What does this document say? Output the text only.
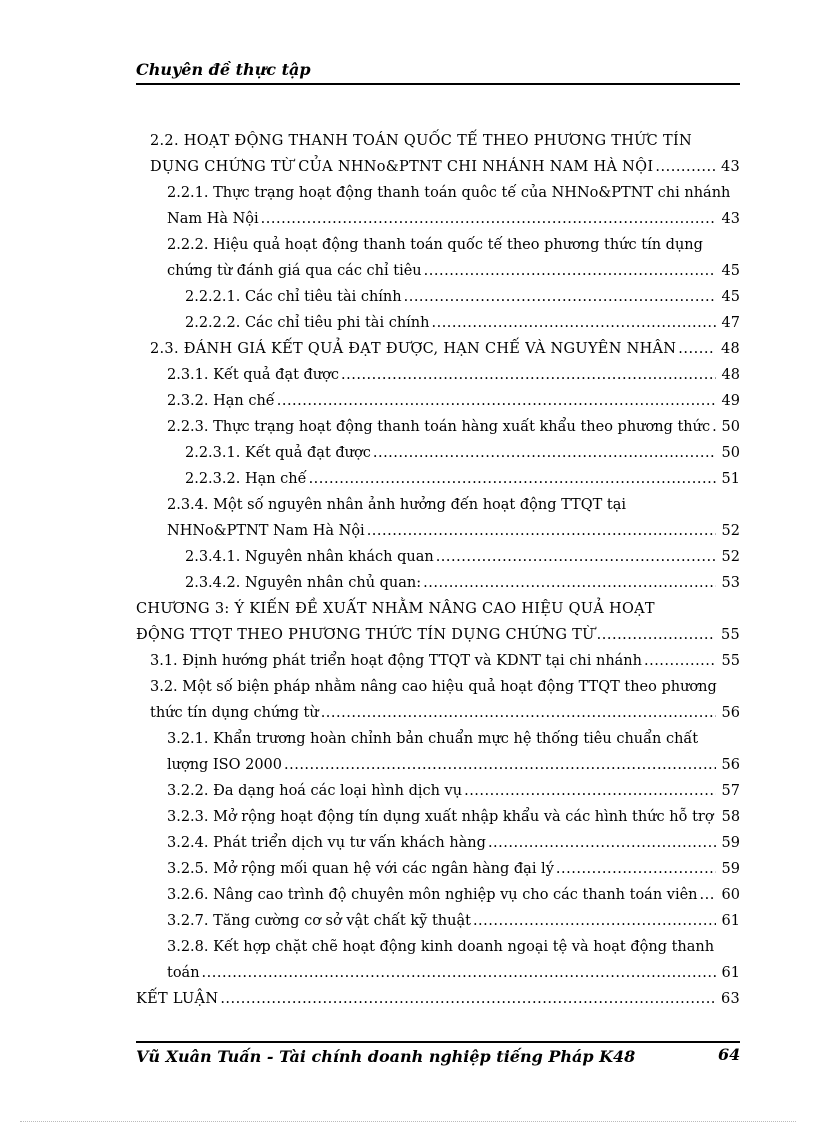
Chuyên đề thực tập
2.2. HOẠT ĐỘNG THANH TOÁN QUỐC TẾ THEO PHƯƠNG THỨC TÍN
DỤNG CHỨNG TỪ CỦA NHNo&PTNT CHI NHÁNH NAM HÀ NỘI .....	43
2.2.1. Thực trạng hoạt động thanh toán quôc tế của NHNo&PTNT chi nhánh
Nam Hà Nội .....	43
2.2.2. Hiệu quả hoạt động thanh toán quốc tế theo phương thức tín dụng
chứng từ đánh giá qua các chỉ tiêu .....	45
2.2.2.1. Các chỉ tiêu tài chính .....	45
2.2.2.2. Các chỉ tiêu phi tài chính .....	47
2.3. ĐÁNH GIÁ KẾT QUẢ ĐẠT ĐƯỢC, HẠN CHẾ VÀ NGUYÊN NHÂN .....	48
2.3.1. Kết quả đạt được .....	48
2.3.2. Hạn chế .....	49
2.2.3. Thực trạng hoạt động thanh toán hàng xuất khẩu theo phương thức ..... 50
2.2.3.1. Kết quả đạt được .....	50
2.2.3.2. Hạn chế .....	51
2.3.4. Một số nguyên nhân ảnh hưởng đến hoạt động TTQT tại
NHNo&PTNT Nam Hà Nội .....	52
2.3.4.1. Nguyên nhân khách quan .....	52
2.3.4.2. Nguyên nhân chủ quan: .....	53
CHƯƠNG 3: Ý KIẾN ĐỀ XUẤT NHẰM NÂNG CAO HIỆU QUẢ HOẠT
ĐỘNG TTQT THEO PHƯƠNG THỨC TÍN DỤNG CHỨNG TỪ .....	55
3.1. Định hướng phát triển hoạt động TTQT và KDNT tại chi nhánh .....	55
3.2. Một số biện pháp nhằm nâng cao hiệu quả hoạt động TTQT theo phương
thức tín dụng chứng từ .....	56
3.2.1. Khẩn trương hoàn chỉnh bản chuẩn mực hệ thống tiêu chuẩn chất
lượng ISO 2000 .....	56
3.2.2. Đa dạng hoá các loại hình dịch vụ .....	57
3.2.3. Mở rộng hoạt động tín dụng xuất nhập khẩu và các hình thức hỗ trợ 58
3.2.4. Phát triển dịch vụ tư vấn khách hàng .....	59
3.2.5. Mở rộng mối quan hệ với các ngân hàng đại lý .....	59
3.2.6. Nâng cao trình độ chuyên môn nghiệp vụ cho các thanh toán viên ..... 60
3.2.7. Tăng cường cơ sở vật chất kỹ thuật .....	61
3.2.8. Kết hợp chặt chẽ hoạt động kinh doanh ngoại tệ và hoạt động thanh
toán .....	61
KẾT LUẬN .....	63
Vũ Xuân Tuấn - Tài chính doanh nghiệp tiếng Pháp K48	64
